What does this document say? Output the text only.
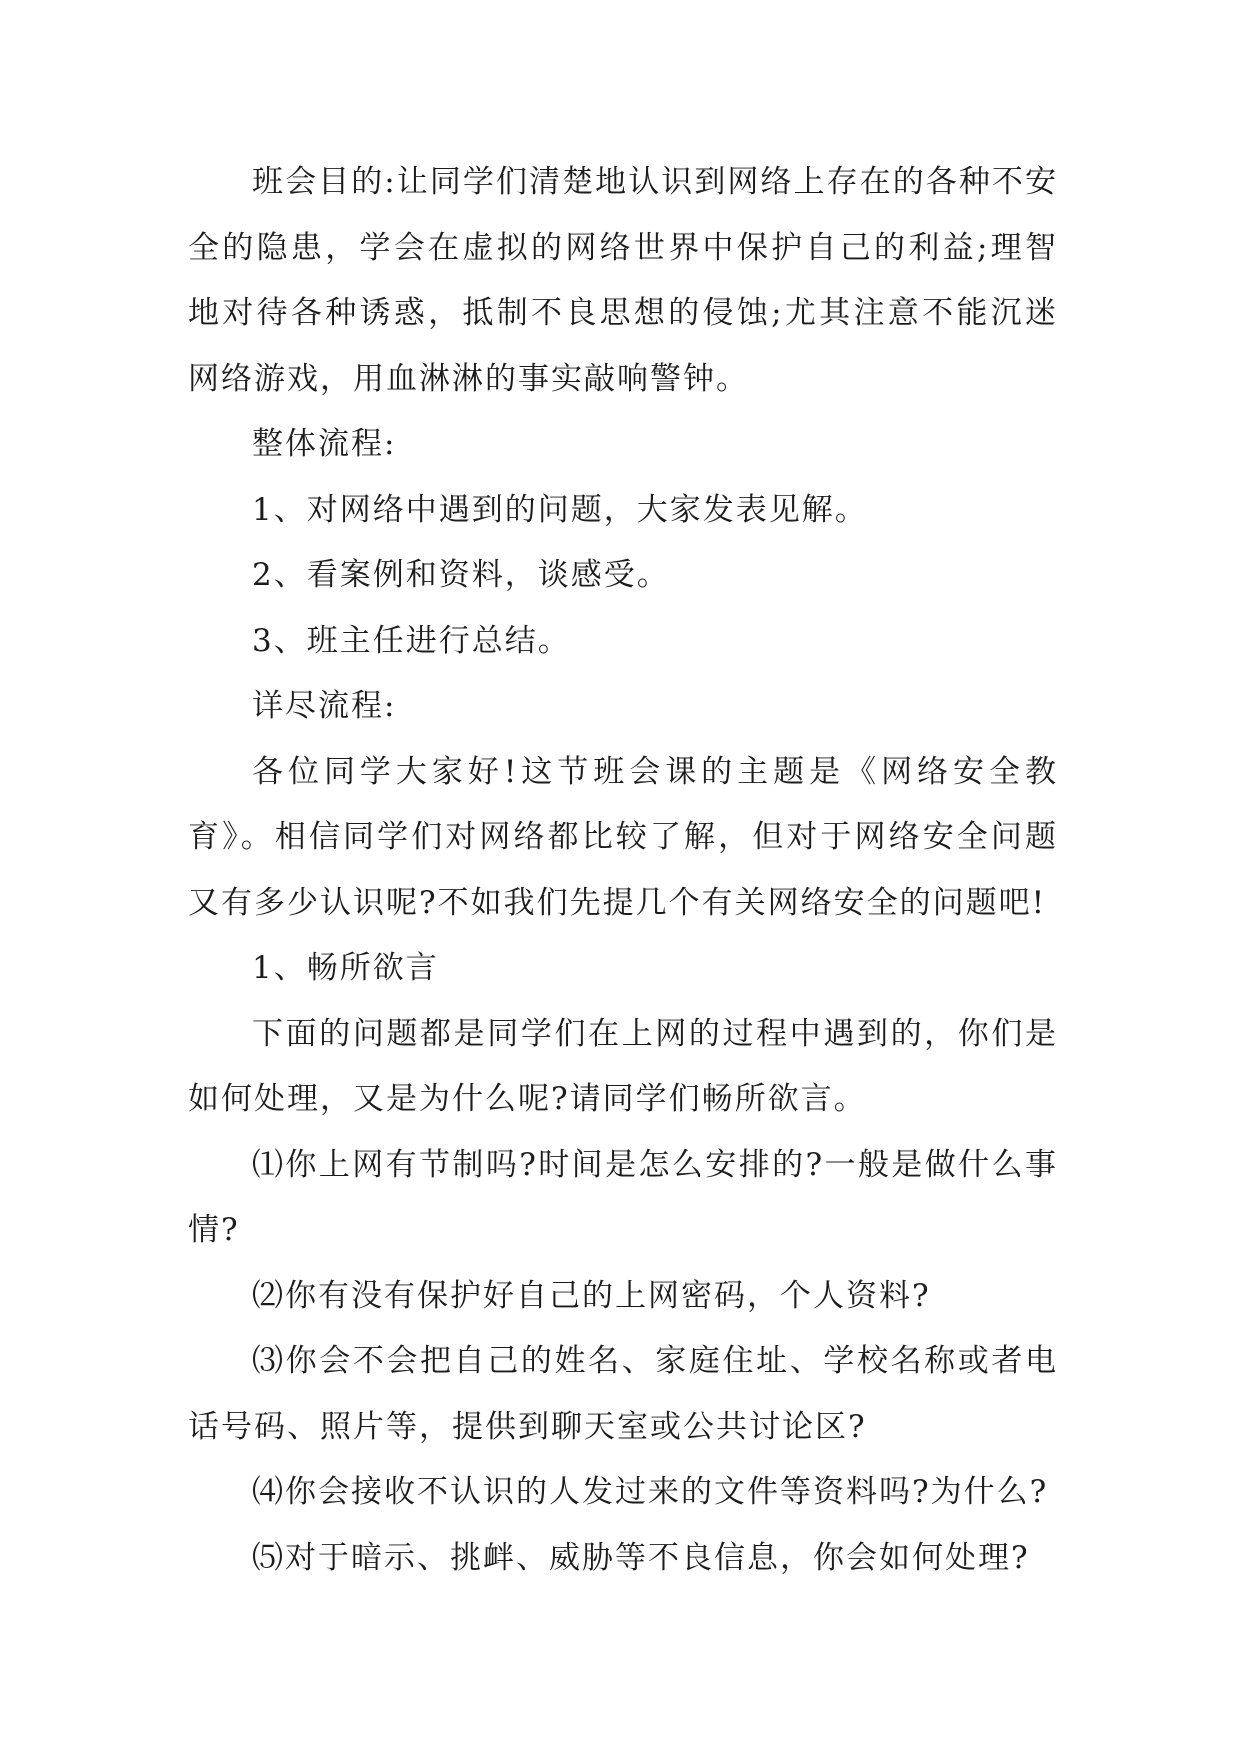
班会目的:让同学们清楚地认识到网络上存在的各种不安全的隐患，学会在虚拟的网络世界中保护自己的利益;理智地对待各种诱惑，抵制不良思想的侵蚀;尤其注意不能沉迷网络游戏，用血淋淋的事实敲响警钟。

整体流程:

1、对网络中遇到的问题，大家发表见解。

2、看案例和资料，谈感受。

3、班主任进行总结。

详尽流程:

各位同学大家好!这节班会课的主题是《网络安全教育》。相信同学们对网络都比较了解，但对于网络安全问题又有多少认识呢?不如我们先提几个有关网络安全的问题吧!

1、畅所欲言

下面的问题都是同学们在上网的过程中遇到的，你们是如何处理，又是为什么呢?请同学们畅所欲言。

⑴你上网有节制吗?时间是怎么安排的?一般是做什么事情?

⑵你有没有保护好自己的上网密码，个人资料?

⑶你会不会把自己的姓名、家庭住址、学校名称或者电话号码、照片等，提供到聊天室或公共讨论区?

⑷你会接收不认识的人发过来的文件等资料吗?为什么?

⑸对于暗示、挑衅、威胁等不良信息，你会如何处理?
